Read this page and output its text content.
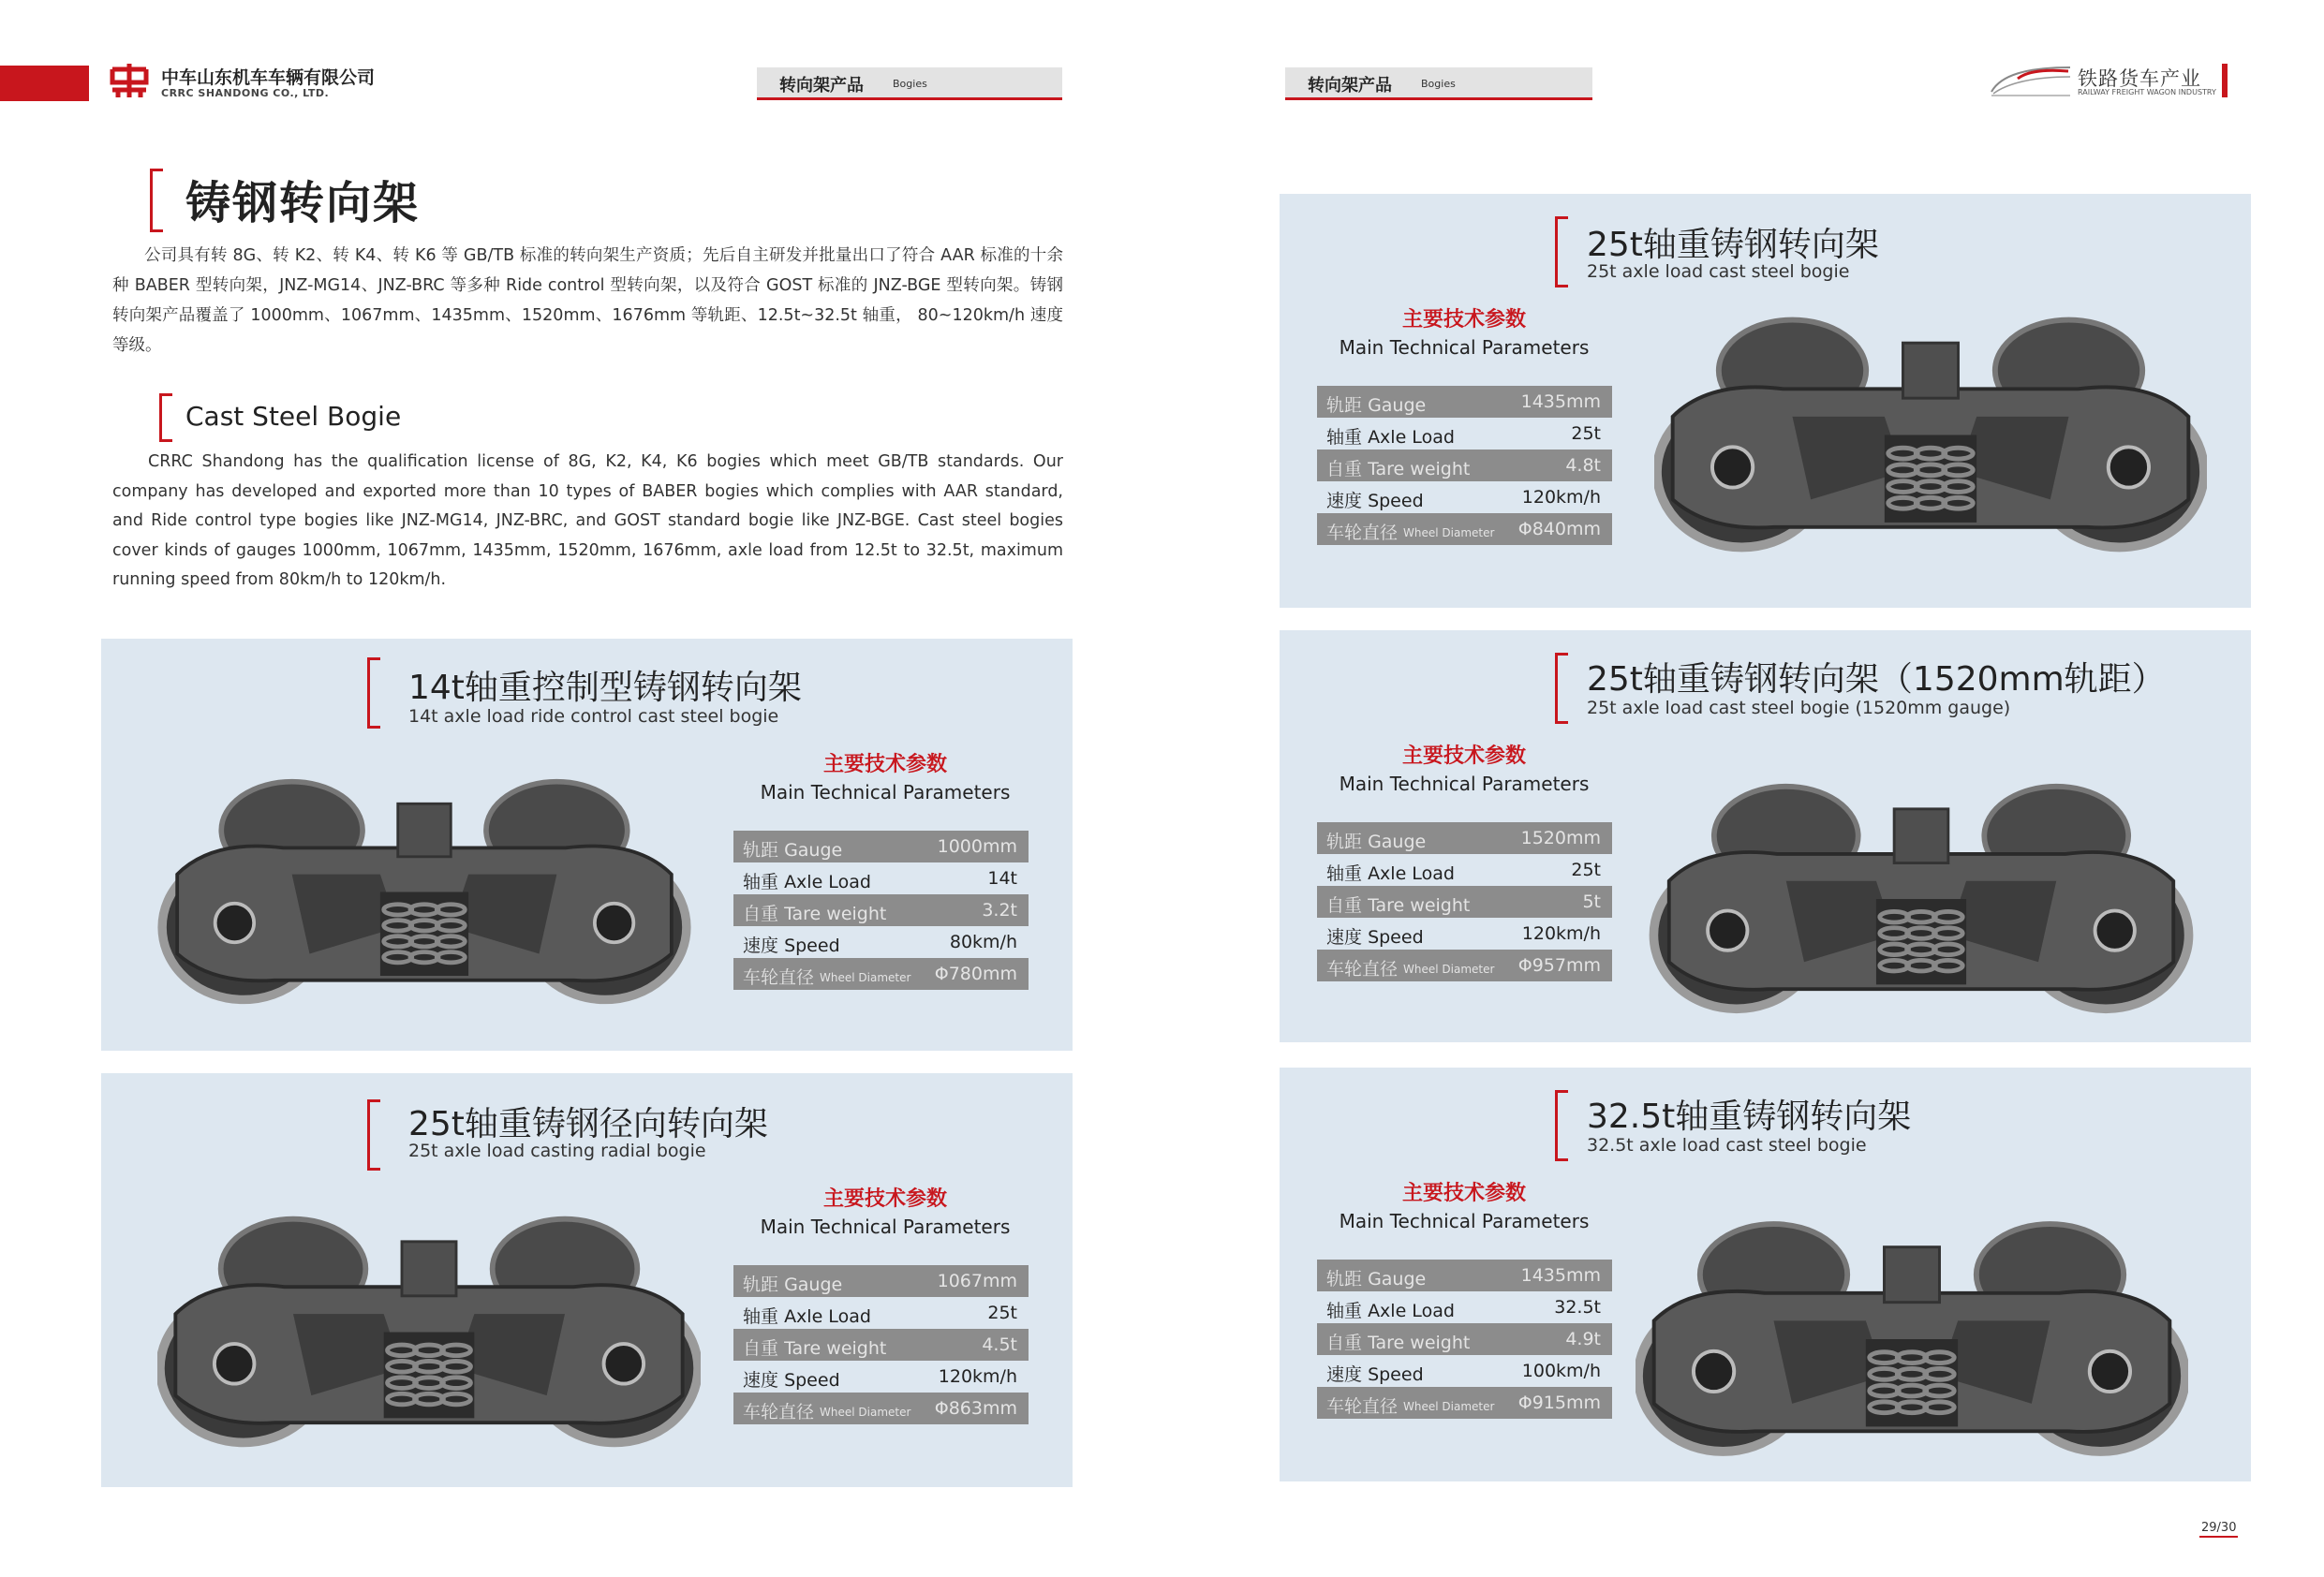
中车山东机车车辆有限公司
CRRC SHANDONG CO., LTD.	转向架产品	Bogies	转向架产品	Bogies	铁路货车产业
RAILWAY FREIGHT WAGON INDUSTRY
铸钢转向架
公司具有转 8G、转 K2、转 K4、转 K6 等 GB/TB 标准的转向架生产资质；先后自主研发并批量出口了符合 AAR 标准的十余种 BABER 型转向架，JNZ-MG14、JNZ-BRC 等多种 Ride control 型转向架，以及符合 GOST 标准的 JNZ-BGE 型转向架。铸钢转向架产品覆盖了 1000mm、1067mm、1435mm、1520mm、1676mm 等轨距、12.5t~32.5t 轴重， 80~120km/h 速度等级。
Cast Steel Bogie
CRRC Shandong has the qualification license of 8G, K2, K4, K6 bogies which meet GB/TB standards. Our company has developed and exported more than 10 types of BABER bogies which complies with AAR standard, and Ride control type bogies like JNZ-MG14, JNZ-BRC, and GOST standard bogie like JNZ-BGE. Cast steel bogies cover kinds of gauges 1000mm, 1067mm, 1435mm, 1520mm, 1676mm, axle load from 12.5t to 32.5t, maximum running speed from 80km/h to 120km/h.
14t轴重控制型铸钢转向架
14t axle load ride control cast steel bogie
主要技术参数
Main Technical Parameters
轨距 Gauge	1000mm
轴重 Axle Load	14t
自重 Tare weight	3.2t
速度 Speed	80km/h
车轮直径 Wheel Diameter Φ780mm
25t轴重铸钢径向转向架
25t axle load casting radial bogie
主要技术参数
Main Technical Parameters
轨距 Gauge	1067mm
轴重 Axle Load	25t
自重 Tare weight	4.5t
速度 Speed	120km/h
车轮直径 Wheel Diameter Φ863mm
25t轴重铸钢转向架
25t axle load cast steel bogie
主要技术参数
Main Technical Parameters
轨距 Gauge	1435mm
轴重 Axle Load	25t
自重 Tare weight	4.8t
速度 Speed	120km/h
车轮直径 Wheel Diameter Φ840mm
25t轴重铸钢转向架（1520mm轨距）
25t axle load cast steel bogie (1520mm gauge)
主要技术参数
Main Technical Parameters
轨距 Gauge	1520mm
轴重 Axle Load	25t
自重 Tare weight	5t
速度 Speed	120km/h
车轮直径 Wheel Diameter Φ957mm
32.5t轴重铸钢转向架
32.5t axle load cast steel bogie
主要技术参数
Main Technical Parameters
轨距 Gauge	1435mm
轴重 Axle Load	32.5t
自重 Tare weight	4.9t
速度 Speed	100km/h
车轮直径 Wheel Diameter Φ915mm
29/30
